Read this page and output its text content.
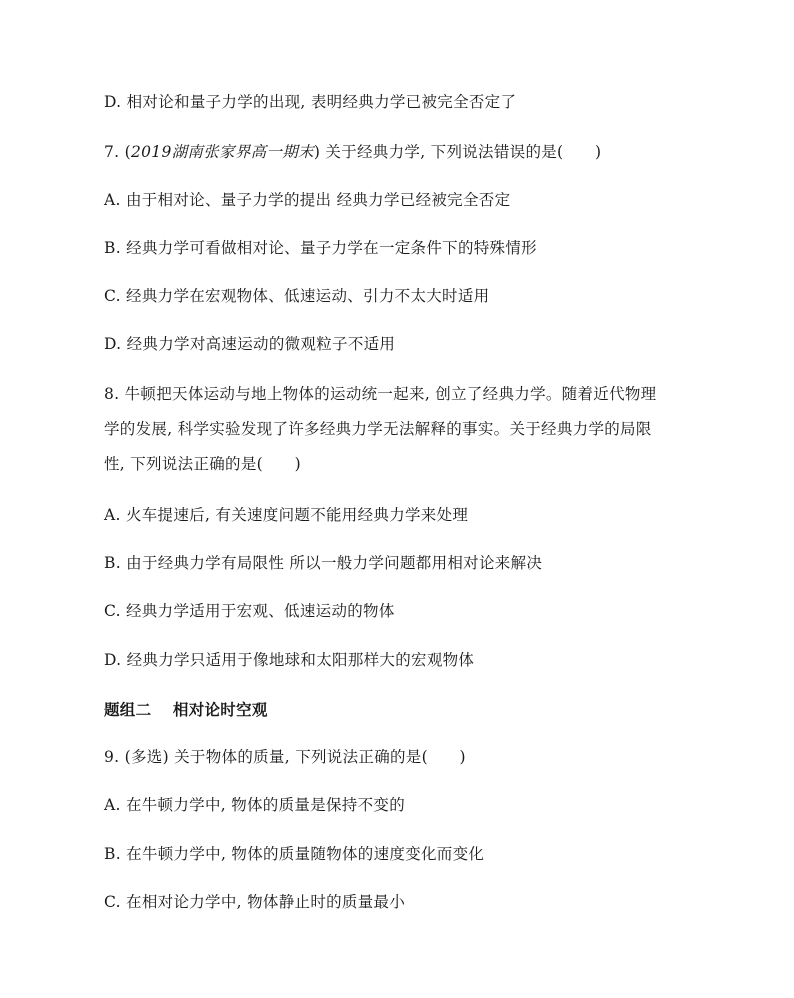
D. 相对论和量子力学的出现, 表明经典力学已被完全否定了
7. (2019湖南张家界高一期末) 关于经典力学, 下列说法错误的是(　　)
A. 由于相对论、量子力学的提出 经典力学已经被完全否定
B. 经典力学可看做相对论、量子力学在一定条件下的特殊情形
C. 经典力学在宏观物体、低速运动、引力不太大时适用
D. 经典力学对高速运动的微观粒子不适用
8. 牛顿把天体运动与地上物体的运动统一起来, 创立了经典力学。随着近代物理
学的发展, 科学实验发现了许多经典力学无法解释的事实。关于经典力学的局限
性, 下列说法正确的是(　　)
A. 火车提速后, 有关速度问题不能用经典力学来处理
B. 由于经典力学有局限性 所以一般力学问题都用相对论来解决
C. 经典力学适用于宏观、低速运动的物体
D. 经典力学只适用于像地球和太阳那样大的宏观物体
题组二　 相对论时空观
9. (多选) 关于物体的质量, 下列说法正确的是(　　)
A. 在牛顿力学中, 物体的质量是保持不变的
B. 在牛顿力学中, 物体的质量随物体的速度变化而变化
C. 在相对论力学中, 物体静止时的质量最小
